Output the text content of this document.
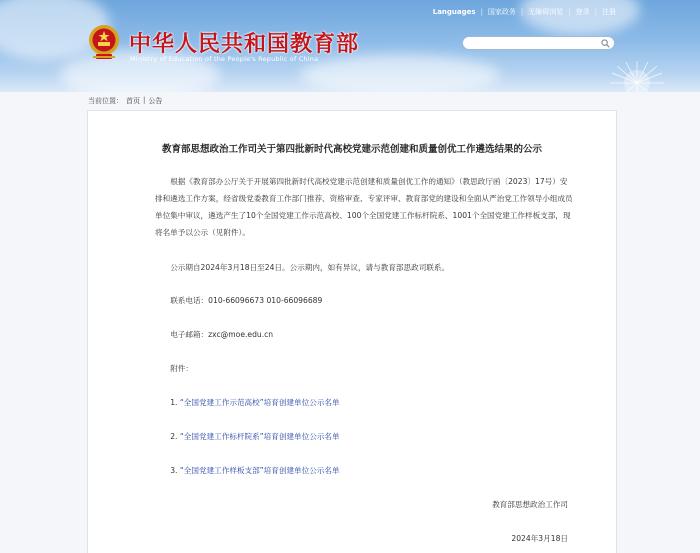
Languages | 国家政务 | 无障碍浏览 | 登录 | 注册
中华人民共和国教育部
Ministry of Education of the People's Republic of China
当前位置： 首页 | 公告
教育部思想政治工作司关于第四批新时代高校党建示范创建和质量创优工作遴选结果的公示
根据《教育部办公厅关于开展第四批新时代高校党建示范创建和质量创优工作的通知》（教思政厅函〔2023〕17号）安排和遴选工作方案，经省级党委教育工作部门推荐、资格审查、专家评审、教育部党的建设和全面从严治党工作领导小组成员单位集中审议，遴选产生了10个全国党建工作示范高校、100个全国党建工作标杆院系、1001个全国党建工作样板支部，现将名单予以公示（见附件）。
公示期自2024年3月18日至24日。公示期内，如有异议，请与教育部思政司联系。
联系电话：010-66096673 010-66096689
电子邮箱：zxc@moe.edu.cn
附件：
1. “全国党建工作示范高校”培育创建单位公示名单
2. “全国党建工作标杆院系”培育创建单位公示名单
3. “全国党建工作样板支部”培育创建单位公示名单
教育部思想政治工作司
2024年3月18日
